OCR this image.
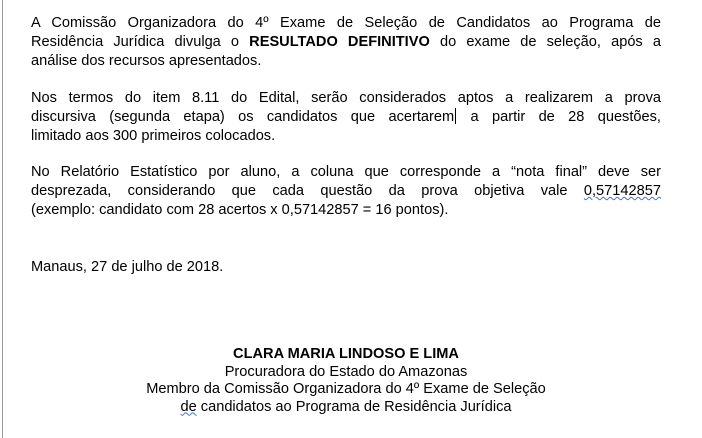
A Comissão Organizadora do 4º Exame de Seleção de Candidatos ao Programa de
Residência Jurídica divulga o RESULTADO DEFINITIVO do exame de seleção, após a
análise dos recursos apresentados.

Nos termos do item 8.11 do Edital, serão considerados aptos a realizarem a prova
discursiva (segunda etapa) os candidatos que acertarem a partir de 28 questões,
limitado aos 300 primeiros colocados.

No Relatório Estatístico por aluno, a coluna que corresponde a “nota final” deve ser
desprezada, considerando que cada questão da prova objetiva vale 0,57142857
(exemplo: candidato com 28 acertos x 0,57142857 = 16 pontos).

Manaus, 27 de julho de 2018.

CLARA MARIA LINDOSO E LIMA
Procuradora do Estado do Amazonas
Membro da Comissão Organizadora do 4º Exame de Seleção
de candidatos ao Programa de Residência Jurídica
